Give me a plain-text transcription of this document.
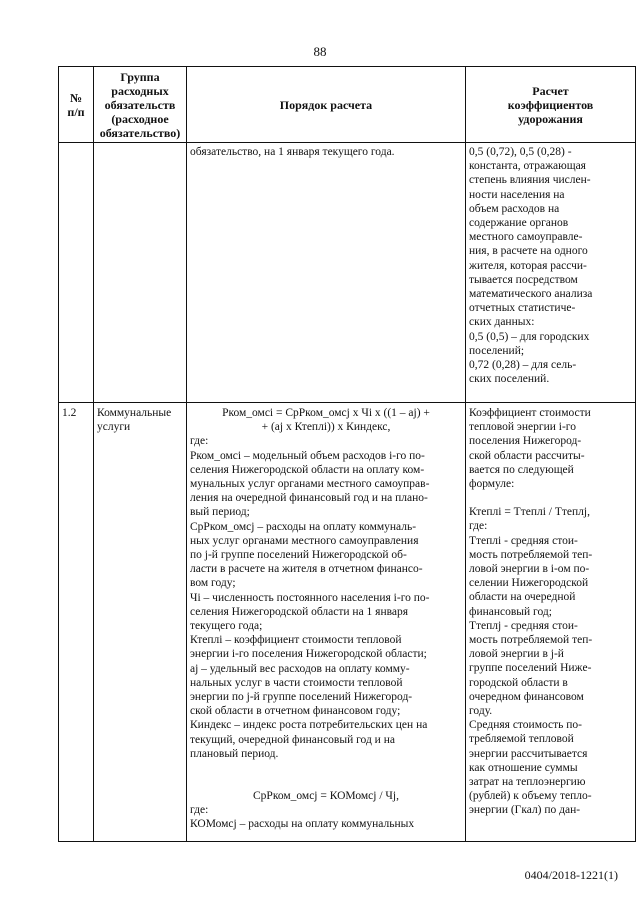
88
№
п/п
Группа
расходных
обязательств
(расходное
обязательство)
Порядок расчета
Расчет
коэффициентов
удорожания

обязательство, на 1 января текущего года.	0,5 (0,72), 0,5 (0,28) -

константа, отражающая

степень влияния числен-

ности населения на

объем расходов на

содержание органов

местного самоуправле-

ния, в расчете на одного

жителя, которая рассчи-

тывается посредством

математического анализа

отчетных статистиче-

ских данных:

0,5 (0,5) – для городских

поселений;

0,72 (0,28) – для сель-

ских поселений.

1.2	Коммунальные

услуги

Рком_омсi = СрРком_омсj х Чi х ((1 – аj) +

+ (аj х Ктеплi)) х Киндекс,

где:

Рком_омсi – модельный объем расходов i-го по-

селения Нижегородской области на оплату ком-

мунальных услуг органами местного самоуправ-

ления на очередной финансовый год и на планo-

вый период;

СрРком_омсj – расходы на оплату коммуналь-

ных услуг органами местного самоуправления

по j-й группе поселений Нижегородской об-

ласти в расчете на жителя в отчетном финансо-

вом году;

Чi – численность постоянного населения i-го по-

селения Нижегородской области на 1 января

текущего года;

Ктеплi – коэффициент стоимости тепловой

энергии i-го поселения Нижегородской области;

аj – удельный вес расходов на оплату комму-

нальных услуг в части стоимости тепловой

энергии по j-й группе поселений Нижегород-

ской области в отчетном финансовом году;

Киндекс – индекс роста потребительских цен на

текущий, очередной финансовый год и на

плановый период.

СрРком_омсj = КОМомсj / Чj,

где:

КОМомсj – расходы на оплату коммунальных

Коэффициент стоимости

тепловой энергии i-го

поселения Нижегород-

ской области рассчиты-

вается по следующей

формуле:

Ктеплi = Ттеплi / Ттеплj,

где:

Ттеплi - средняя стои-

мость потребляемой теп-

ловой энергии в i-ом по-

селении Нижегородской

области на очередной

финансовый год;

Ттеплj - средняя стои-

мость потребляемой теп-

ловой энергии в j-й

группе поселений Нижe-

городской области в

очередном финансовом

году.

Средняя стоимость по-

требляемой тепловой

энергии рассчитывается

как отношение суммы

затрат на теплоэнергию

(рублей) к объему тепло-

энергии (Гкал) по дан-

0404/2018-1221(1)
